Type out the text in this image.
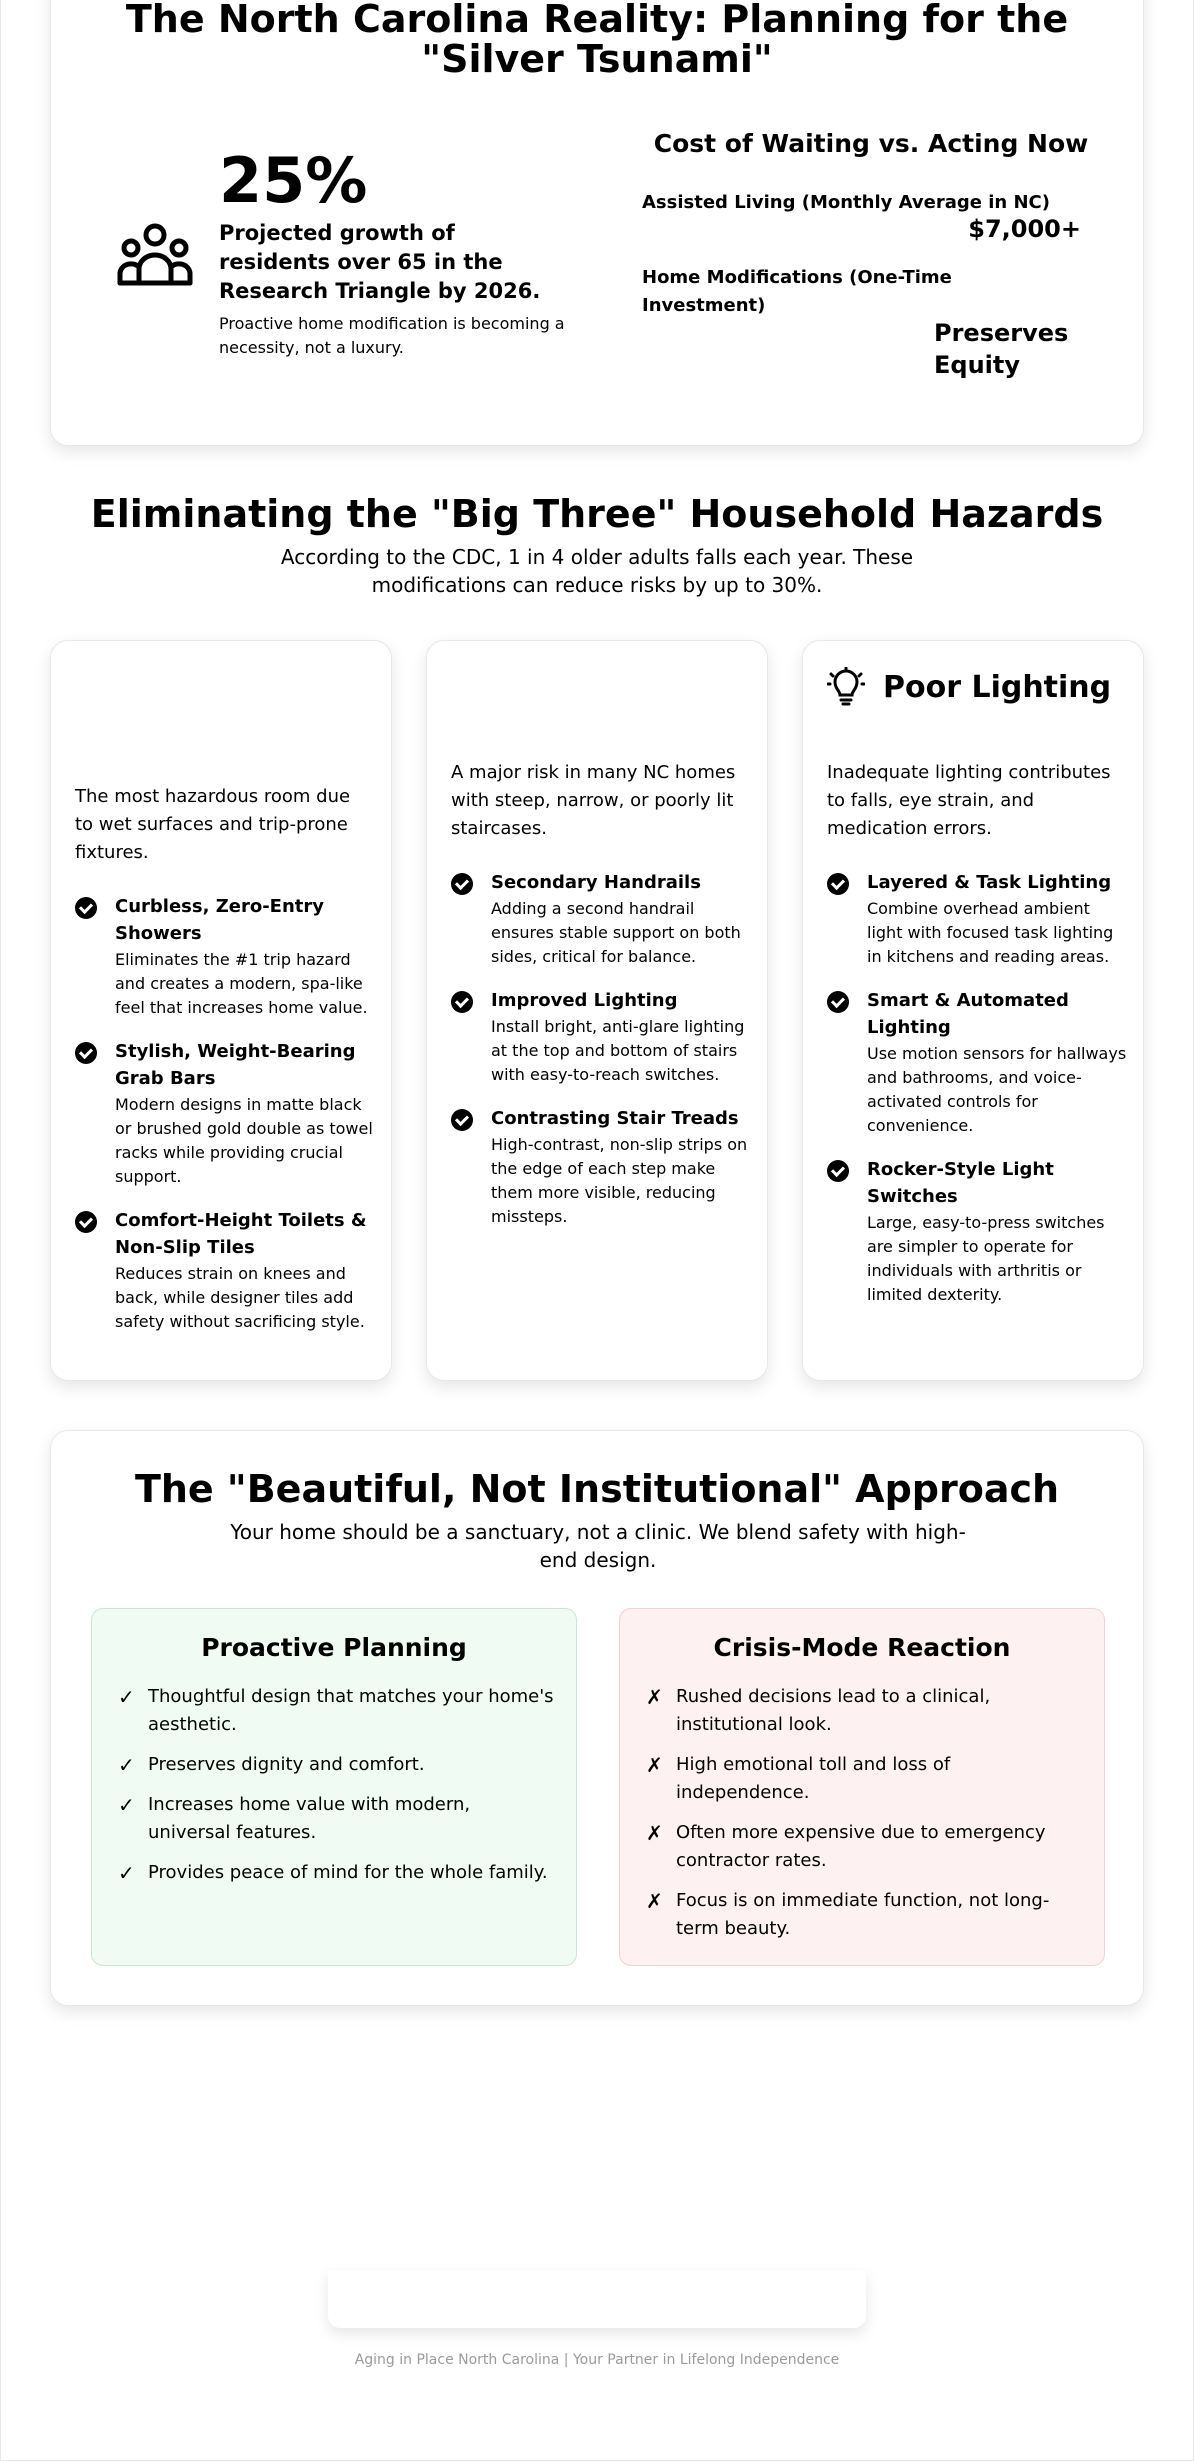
The North Carolina Reality: Planning for the "Silver Tsunami"
25%
Projected growth of residents over 65 in the Research Triangle by 2026.
Proactive home modification is becoming a necessity, not a luxury.
Cost of Waiting vs. Acting Now
Assisted Living (Monthly Average in NC)
$7,000+
Home Modifications (One-Time Investment)
Preserves Equity
Eliminating the "Big Three" Household Hazards

According to the CDC, 1 in 4 older adults falls each year. These modifications can reduce risks by up to 30%.

The most hazardous room due to wet surfaces and trip-prone fixtures.

Curbless, Zero-Entry Showers
Eliminates the #1 trip hazard and creates a modern, spa-like feel that increases home value.
Stylish, Weight-Bearing Grab Bars
Modern designs in matte black or brushed gold double as towel racks while providing crucial support.
Comfort-Height Toilets & Non-Slip Tiles
Reduces strain on knees and back, while designer tiles add safety without sacrificing style.

A major risk in many NC homes with steep, narrow, or poorly lit staircases.

Secondary Handrails
Adding a second handrail ensures stable support on both sides, critical for balance.
Improved Lighting
Install bright, anti-glare lighting at the top and bottom of stairs with easy-to-reach switches.
Contrasting Stair Treads
High-contrast, non-slip strips on the edge of each step make them more visible, reducing missteps.
Poor Lighting

Inadequate lighting contributes to falls, eye strain, and medication errors.

Layered & Task Lighting
Combine overhead ambient light with focused task lighting in kitchens and reading areas.
Smart & Automated Lighting
Use motion sensors for hallways and bathrooms, and voice-activated controls for convenience.
Rocker-Style Light Switches
Large, easy-to-press switches are simpler to operate for individuals with arthritis or limited dexterity.
The "Beautiful, Not Institutional" Approach

Your home should be a sanctuary, not a clinic. We blend safety with high-end design.

Proactive Planning
✓ Thoughtful design that matches your home's aesthetic.
✓ Preserves dignity and comfort.
✓ Increases home value with modern, universal features.
✓ Provides peace of mind for the whole family.
Crisis-Mode Reaction
✗ Rushed decisions lead to a clinical, institutional look.
✗ High emotional toll and loss of independence.
✗ Often more expensive due to emergency contractor rates.
✗ Focus is on immediate function, not long-term beauty.
Aging in Place North Carolina | Your Partner in Lifelong Independence
